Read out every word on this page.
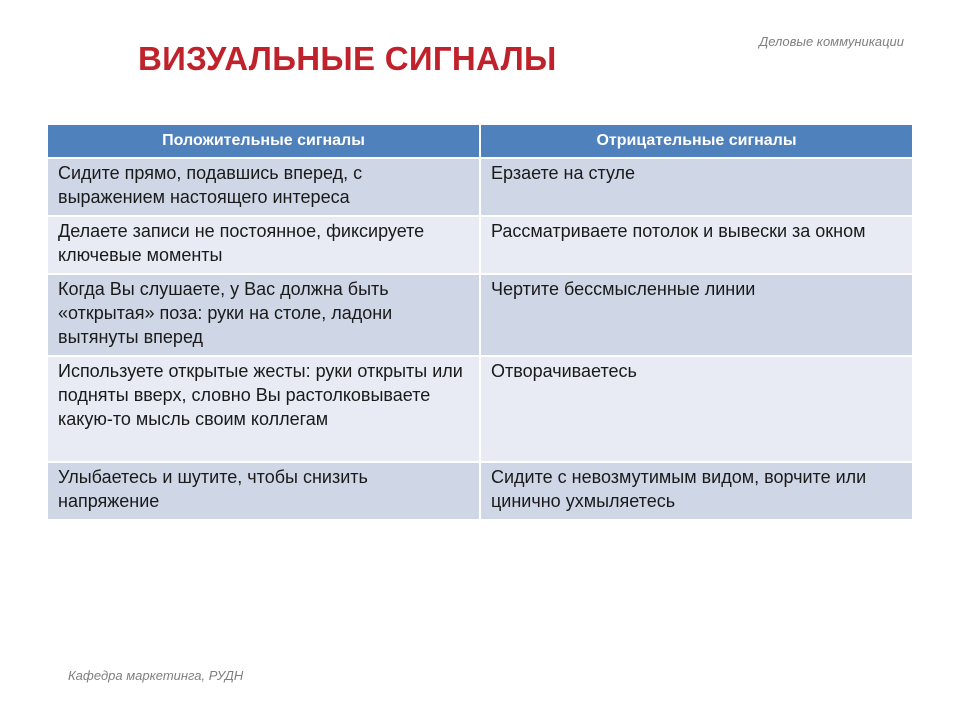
Деловые коммуникации
ВИЗУАЛЬНЫЕ СИГНАЛЫ
Положительные сигналы	Отрицательные сигналы
Сидите прямо, подавшись вперед, с выражением настоящего интереса	Ерзаете на стуле
Делаете записи не постоянное, фиксируете ключевые моменты	Рассматриваете потолок и вывески за окном
Когда Вы слушаете, у Вас должна быть «открытая» поза: руки на столе, ладони вытянуты вперед	Чертите бессмысленные линии
Используете открытые жесты: руки открыты или подняты вверх, словно Вы растолковываете какую-то мысль своим коллегам	Отворачиваетесь
Улыбаетесь и шутите, чтобы снизить напряжение	Сидите с невозмутимым видом, ворчите или цинично ухмыляетесь
Кафедра маркетинга, РУДН
